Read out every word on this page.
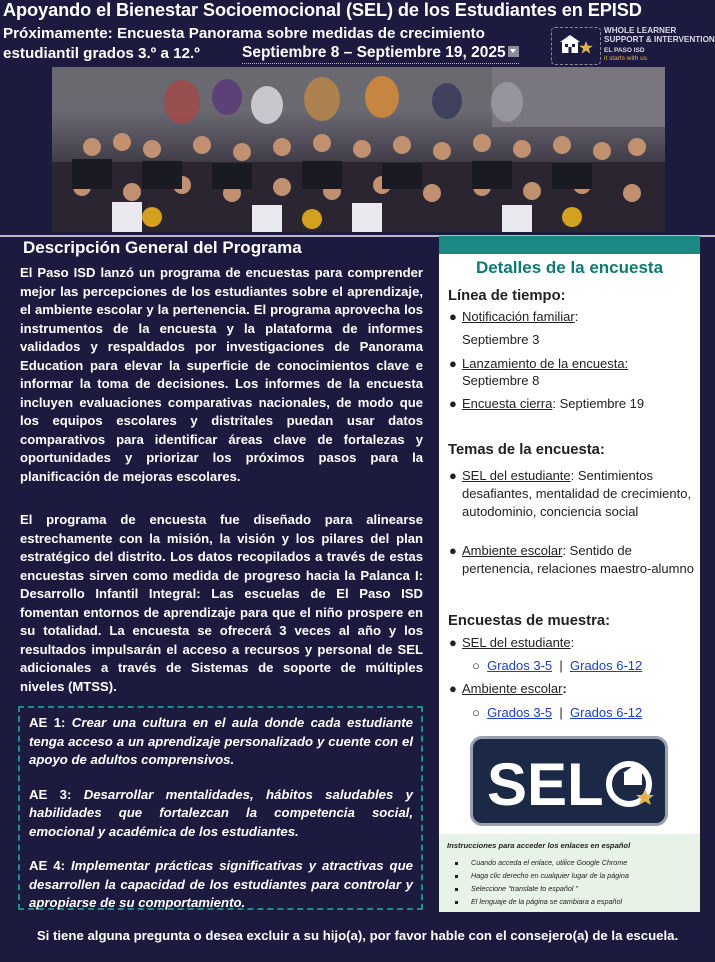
Apoyando el Bienestar Socioemocional (SEL) de los Estudiantes en EPISD
Próximamente: Encuesta Panorama sobre medidas de crecimiento
estudiantil grados 3.º a 12.º	Septiembre 8 – Septiembre 19, 2025
WHOLE LEARNER
SUPPORT & INTERVENTION
EL PASO ISD
it starts with us
Descripción General del Programa
El Paso ISD lanzó un programa de encuestas para comprender mejor las percepciones de los estudiantes sobre el aprendizaje, el ambiente escolar y la pertenencia. El programa aprovecha los instrumentos de la encuesta y la plataforma de informes validados y respaldados por investigaciones de Panorama Education para elevar la superficie de conocimientos clave e informar la toma de decisiones. Los informes de la encuesta incluyen evaluaciones comparativas nacionales, de modo que los equipos escolares y distritales puedan usar datos comparativos para identificar áreas clave de fortalezas y oportunidades y priorizar los próximos pasos para la planificación de mejoras escolares.
El programa de encuesta fue diseñado para alinearse estrechamente con la misión, la visión y los pilares del plan estratégico del distrito. Los datos recopilados a través de estas encuestas sirven como medida de progreso hacia la Palanca I: Desarrollo Infantil Integral: Las escuelas de El Paso ISD fomentan entornos de aprendizaje para que el niño prospere en su totalidad. La encuesta se ofrecerá 3 veces al año y los resultados impulsarán el acceso a recursos y personal de SEL adicionales a través de Sistemas de soporte de múltiples niveles (MTSS).

AE 1: Crear una cultura en el aula donde cada estudiante tenga acceso a un aprendizaje personalizado y cuente con el apoyo de adultos comprensivos.

AE 3: Desarrollar mentalidades, hábitos saludables y habilidades que fortalezcan la competencia social, emocional y académica de los estudiantes.

AE 4: Implementar prácticas significativas y atractivas que desarrollen la capacidad de los estudiantes para controlar y apropiarse de su comportamiento.

Detalles de la encuesta
Línea de tiempo:
● Notificación familiar:
Septiembre 3
● Lanzamiento de la encuesta:
Septiembre 8
● Encuesta cierra: Septiembre 19
Temas de la encuesta:
● SEL del estudiante: Sentimientos desafiantes, mentalidad de crecimiento, autodominio, conciencia social
● Ambiente escolar: Sentido de pertenencia, relaciones maestro-alumno
Encuestas de muestra:
● SEL del estudiante:
○ Grados 3-5 | Grados 6-12
● Ambiente escolar:
○ Grados 3-5 | Grados 6-12
SEL
Instrucciones para acceder los enlaces en español
Cuando acceda el enlace, utilice Google Chrome
Haga clic derecho en cualquier lugar de la página
Seleccione "translate to español "
El lenguaje de la página se cambiara a español
Si tiene alguna pregunta o desea excluir a su hijo(a), por favor hable con el consejero(a) de la escuela.
